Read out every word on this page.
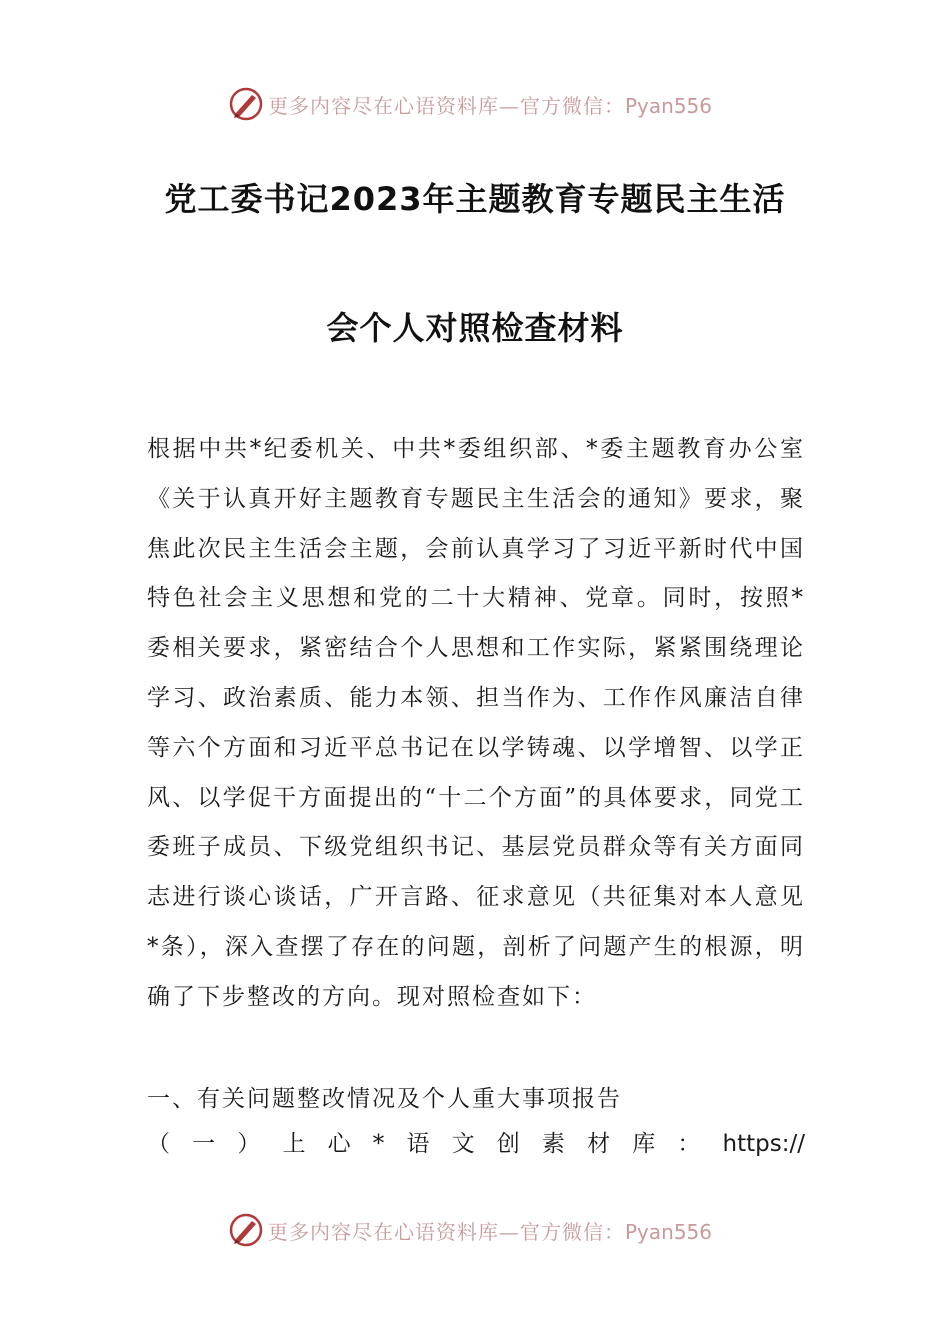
更多内容尽在心语资料库—官方微信：Pyan556
党工委书记2023年主题教育专题民主生活
会个人对照检查材料
根据中共*纪委机关、中共*委组织部、*委主题教育办公室《关于认真开好主题教育专题民主生活会的通知》要求，聚焦此次民主生活会主题，会前认真学习了习近平新时代中国特色社会主义思想和党的二十大精神、党章。同时，按照*委相关要求，紧密结合个人思想和工作实际，紧紧围绕理论学习、政治素质、能力本领、担当作为、工作作风廉洁自律等六个方面和习近平总书记在以学铸魂、以学增智、以学正风、以学促干方面提出的“十二个方面”的具体要求，同党工委班子成员、下级党组织书记、基层党员群众等有关方面同志进行谈心谈话，广开言路、征求意见（共征集对本人意见*条），深入查摆了存在的问题，剖析了问题产生的根源，明确了下步整改的方向。现对照检查如下：
一、有关问题整改情况及个人重大事项报告
（ 一 ） 上 心 * 语 文 创 素 材 库 ： https://
更多内容尽在心语资料库—官方微信：Pyan556
